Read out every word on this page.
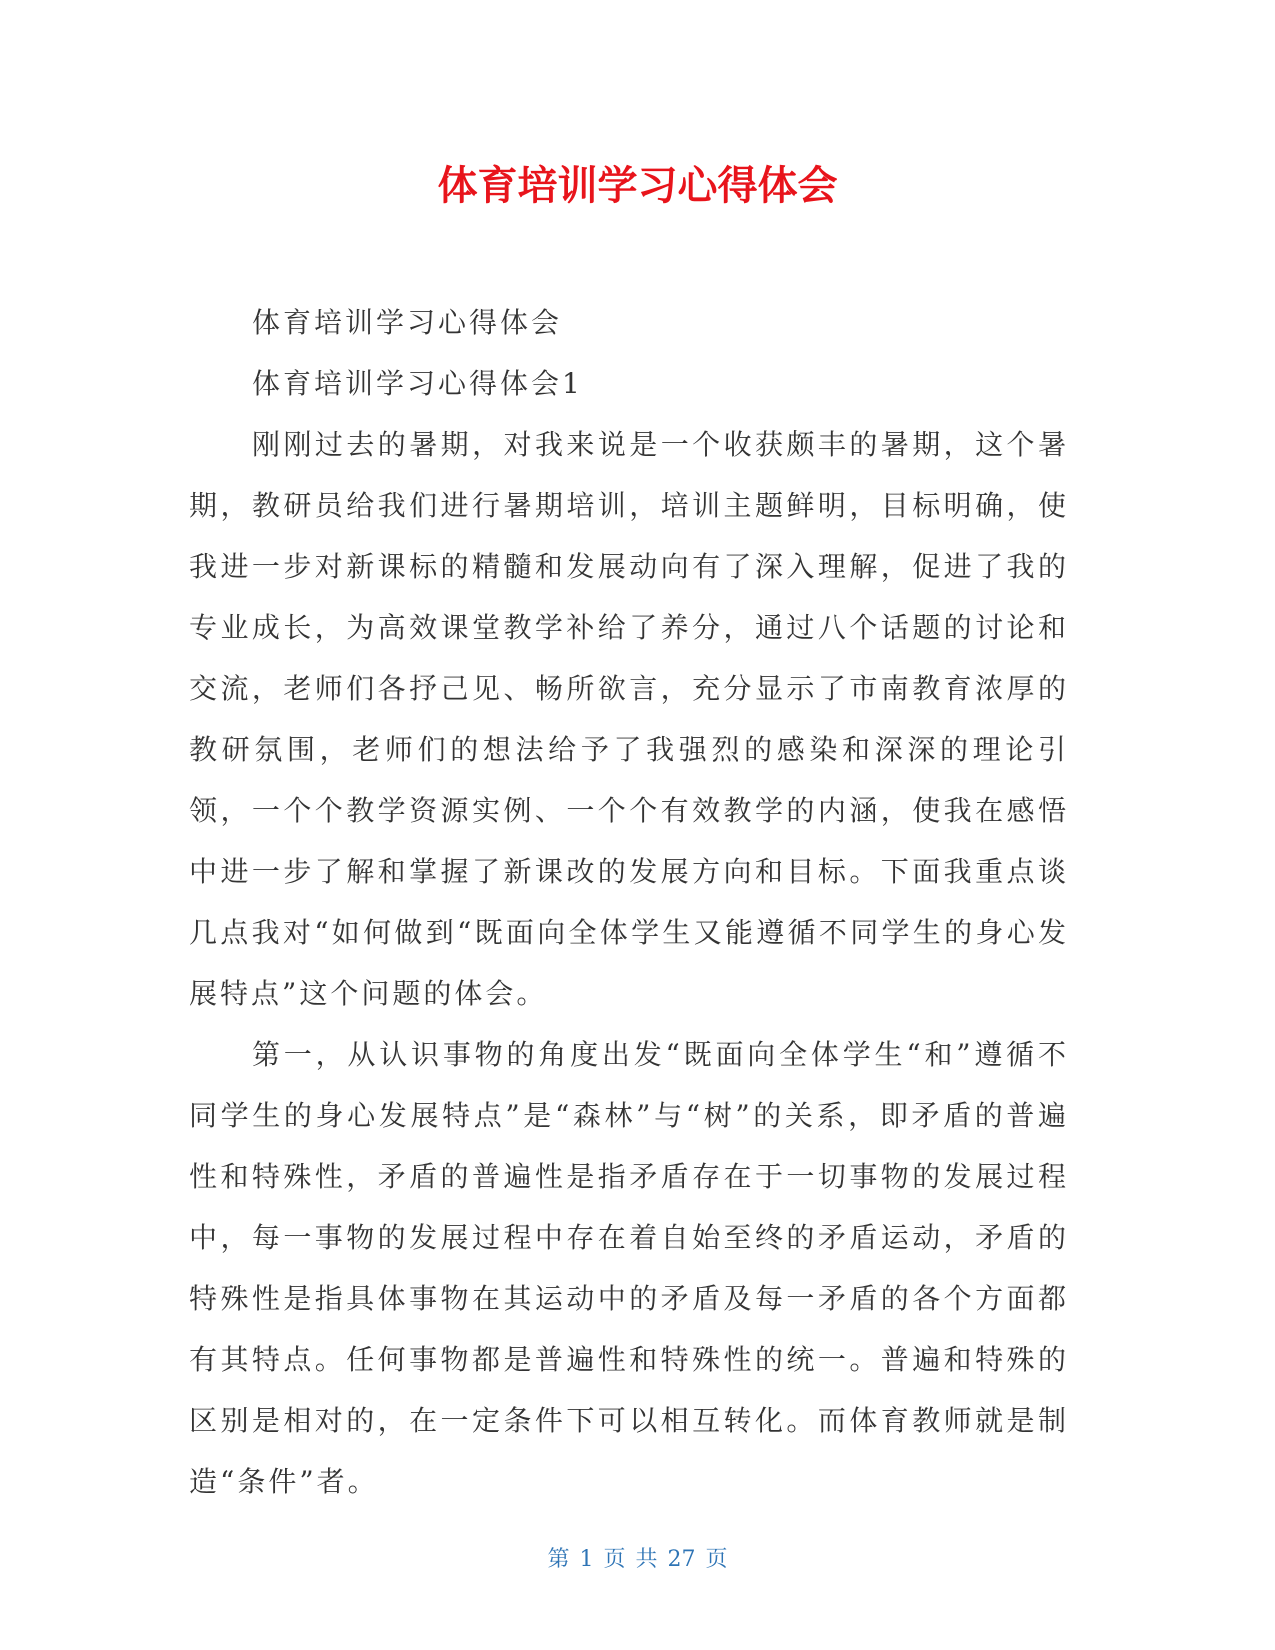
体育培训学习心得体会

体育培训学习心得体会

体育培训学习心得体会1

刚刚过去的暑期，对我来说是一个收获颇丰的暑期，这个暑期，教研员给我们进行暑期培训，培训主题鲜明，目标明确，使我进一步对新课标的精髓和发展动向有了深入理解，促进了我的专业成长，为高效课堂教学补给了养分，通过八个话题的讨论和交流，老师们各抒己见、畅所欲言，充分显示了市南教育浓厚的教研氛围，老师们的想法给予了我强烈的感染和深深的理论引领，一个个教学资源实例、一个个有效教学的内涵，使我在感悟中进一步了解和掌握了新课改的发展方向和目标。下面我重点谈几点我对“如何做到“既面向全体学生又能遵循不同学生的身心发展特点”这个问题的体会。

第一，从认识事物的角度出发“既面向全体学生“和”遵循不同学生的身心发展特点”是“森林”与“树”的关系，即矛盾的普遍性和特殊性，矛盾的普遍性是指矛盾存在于一切事物的发展过程中，每一事物的发展过程中存在着自始至终的矛盾运动，矛盾的特殊性是指具体事物在其运动中的矛盾及每一矛盾的各个方面都有其特点。任何事物都是普遍性和特殊性的统一。普遍和特殊的区别是相对的，在一定条件下可以相互转化。而体育教师就是制造“条件”者。

第 1 页 共 27 页
